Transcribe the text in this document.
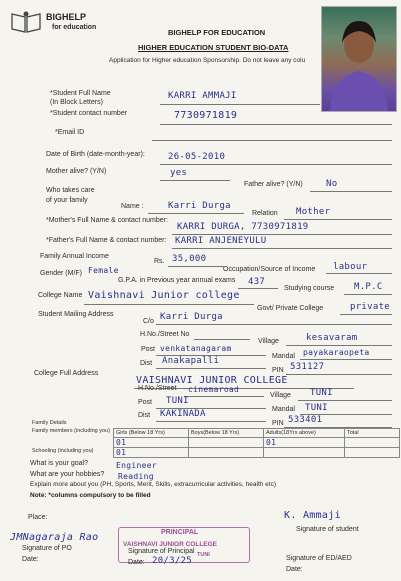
BIGHELP
for education
BIGHELP FOR EDUCATION
HIGHER EDUCATION STUDENT BIO-DATA
Application for Higher education Sponsorship. Do not leave any colu
*Student Full Name
(In Block Letters)
KARRI AMMAJI
*Student contact number	7730971819
*Email ID
Date of Birth (date-month-year):	26-05-2010
Mother alive? (Y/N)	yes
Father alive? (Y/N)	No
Who takes care
of your family
Name :	Karri Durga
Relation Mother
*Mother's Full Name & contact number:
KARRI DURGA, 7730971819
*Father's Full Name & contact number: KARRI ANJENEYULU
Family Annual Income
Rs. 35,000
Occupation/Source of Income labour
Gender (M/F) Female
G.P.A. in Previous year annual exams 437
Studying course M.P.C
College Name Vaishnavi Junior college
Govt/ Private College	private
Student Mailing Address
C/o Karri Durga
H.No./Street No
Village	kesavaram
Post venkatanagaram
Mandal payakaraopeta
Dist Anakapalli
PIN 531127
College Full Address
VAISHNAVI JUNIOR COLLEGE
H.No./Street cinemaroad
Village TUNI
Post TUNI
Mandal TUNI
Dist KAKINADA
PIN 533401
Family Details
Family members (including you)
Schooling (including you)
Girls (Below 18 Yrs)	Boys(Below 18 Yrs)	Adults(18Yrs above)	Total
01		01	
01			
What is your goal?	Engineer
What are your hobbies? Reading
Explain more about you (PH, Sports, Merit, Skills, extracurricular activities, health etc)
Note: *columns compulsory to be filled
Place:	K. Ammaji
Signature of student
JMNagaraja Rao
Signature of PO
Date:
PRINCIPAL
VAISHNAVI JUNIOR COLLEGE
TUNI
Signature of Principal
Date: 20/3/25	Signature of ED/AED
Date:
